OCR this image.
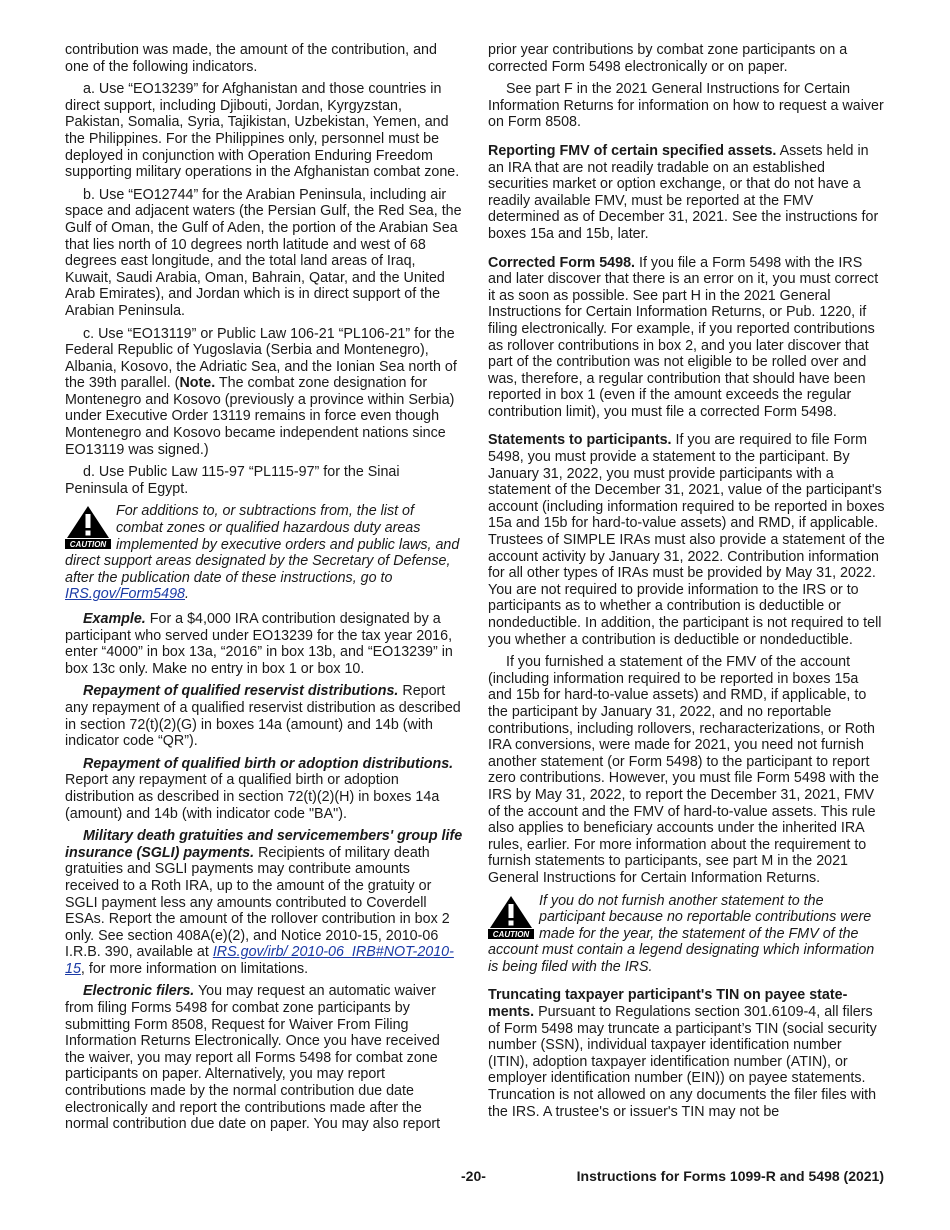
contribution was made, the amount of the contribution, and one of the following indicators.

a. Use “EO13239” for Afghanistan and those countries in direct support, including Djibouti, Jordan, Kyrgyzstan, Pakistan, Somalia, Syria, Tajikistan, Uzbekistan, Yemen, and the Philippines. For the Philippines only, personnel must be deployed in conjunction with Operation Enduring Freedom supporting military operations in the Afghanistan combat zone.

b. Use “EO12744” for the Arabian Peninsula, including air space and adjacent waters (the Persian Gulf, the Red Sea, the Gulf of Oman, the Gulf of Aden, the portion of the Arabian Sea that lies north of 10 degrees north latitude and west of 68 degrees east longitude, and the total land areas of Iraq, Kuwait, Saudi Arabia, Oman, Bahrain, Qatar, and the United Arab Emirates), and Jordan which is in direct support of the Arabian Peninsula.

c. Use “EO13119” or Public Law 106-21 “PL106-21” for the Federal Republic of Yugoslavia (Serbia and Montenegro), Albania, Kosovo, the Adriatic Sea, and the Ionian Sea north of the 39th parallel. (Note. The combat zone designation for Montenegro and Kosovo (previously a province within Serbia) under Executive Order 13119 remains in force even though Montenegro and Kosovo became independent nations since EO13119 was signed.)

d. Use Public Law 115-97 “PL115-97” for the Sinai Peninsula of Egypt.

CAUTION
For additions to, or subtractions from, the list of combat zones or qualified hazardous duty areas implemented by executive orders and public laws, and direct support areas designated by the Secretary of Defense, after the publication date of these instructions, go to IRS.gov/Form5498.

Example. For a $4,000 IRA contribution designated by a participant who served under EO13239 for the tax year 2016, enter “4000” in box 13a, “2016” in box 13b, and “EO13239” in box 13c only. Make no entry in box 1 or box 10.

Repayment of qualified reservist distributions. Report any repayment of a qualified reservist distribution as described in section 72(t)(2)(G) in boxes 14a (amount) and 14b (with indicator code “QR”).

Repayment of qualified birth or adoption distributions. Report any repayment of a qualified birth or adoption distribution as described in section 72(t)(2)(H) in boxes 14a (amount) and 14b (with indicator code "BA").

Military death gratuities and servicemembers' group life insurance (SGLI) payments. Recipients of military death gratuities and SGLI payments may contribute amounts received to a Roth IRA, up to the amount of the gratuity or SGLI payment less any amounts contributed to Coverdell ESAs. Report the amount of the rollover contribution in box 2 only. See section 408A(e)(2), and Notice 2010-15, 2010-06 I.R.B. 390, available at IRS.gov/irb/ 2010-06_IRB#NOT-2010-15, for more information on limitations.

Electronic filers. You may request an automatic waiver from filing Forms 5498 for combat zone participants by submitting Form 8508, Request for Waiver From Filing Information Returns Electronically. Once you have received the waiver, you may report all Forms 5498 for combat zone participants on paper. Alternatively, you may report contributions made by the normal contribution due date electronically and report the contributions made after the normal contribution due date on paper. You may also report

prior year contributions by combat zone participants on a corrected Form 5498 electronically or on paper.

See part F in the 2021 General Instructions for Certain Information Returns for information on how to request a waiver on Form 8508.

Reporting FMV of certain specified assets. Assets held in an IRA that are not readily tradable on an established securities market or option exchange, or that do not have a readily available FMV, must be reported at the FMV determined as of December 31, 2021. See the instructions for boxes 15a and 15b, later.

Corrected Form 5498. If you file a Form 5498 with the IRS and later discover that there is an error on it, you must correct it as soon as possible. See part H in the 2021 General Instructions for Certain Information Returns, or Pub. 1220, if filing electronically. For example, if you reported contributions as rollover contributions in box 2, and you later discover that part of the contribution was not eligible to be rolled over and was, therefore, a regular contribution that should have been reported in box 1 (even if the amount exceeds the regular contribution limit), you must file a corrected Form 5498.

Statements to participants. If you are required to file Form 5498, you must provide a statement to the participant. By January 31, 2022, you must provide participants with a statement of the December 31, 2021, value of the participant's account (including information required to be reported in boxes 15a and 15b for hard-to-value assets) and RMD, if applicable. Trustees of SIMPLE IRAs must also provide a statement of the account activity by January 31, 2022. Contribution information for all other types of IRAs must be provided by May 31, 2022. You are not required to provide information to the IRS or to participants as to whether a contribution is deductible or nondeductible. In addition, the participant is not required to tell you whether a contribution is deductible or nondeductible.

If you furnished a statement of the FMV of the account (including information required to be reported in boxes 15a and 15b for hard-to-value assets) and RMD, if applicable, to the participant by January 31, 2022, and no reportable contributions, including rollovers, recharacterizations, or Roth IRA conversions, were made for 2021, you need not furnish another statement (or Form 5498) to the participant to report zero contributions. However, you must file Form 5498 with the IRS by May 31, 2022, to report the December 31, 2021, FMV of the account and the FMV of hard-to-value assets. This rule also applies to beneficiary accounts under the inherited IRA rules, earlier. For more information about the requirement to furnish statements to participants, see part M in the 2021 General Instructions for Certain Information Returns.

CAUTION
If you do not furnish another statement to the participant because no reportable contributions were made for the year, the statement of the FMV of the account must contain a legend designating which information is being filed with the IRS.

Truncating taxpayer participant's TIN on payee state-ments. Pursuant to Regulations section 301.6109-4, all filers of Form 5498 may truncate a participant’s TIN (social security number (SSN), individual taxpayer identification number (ITIN), adoption taxpayer identification number (ATIN), or employer identification number (EIN)) on payee statements. Truncation is not allowed on any documents the filer files with the IRS. A trustee's or issuer's TIN may not be

-20-	Instructions for Forms 1099-R and 5498 (2021)
